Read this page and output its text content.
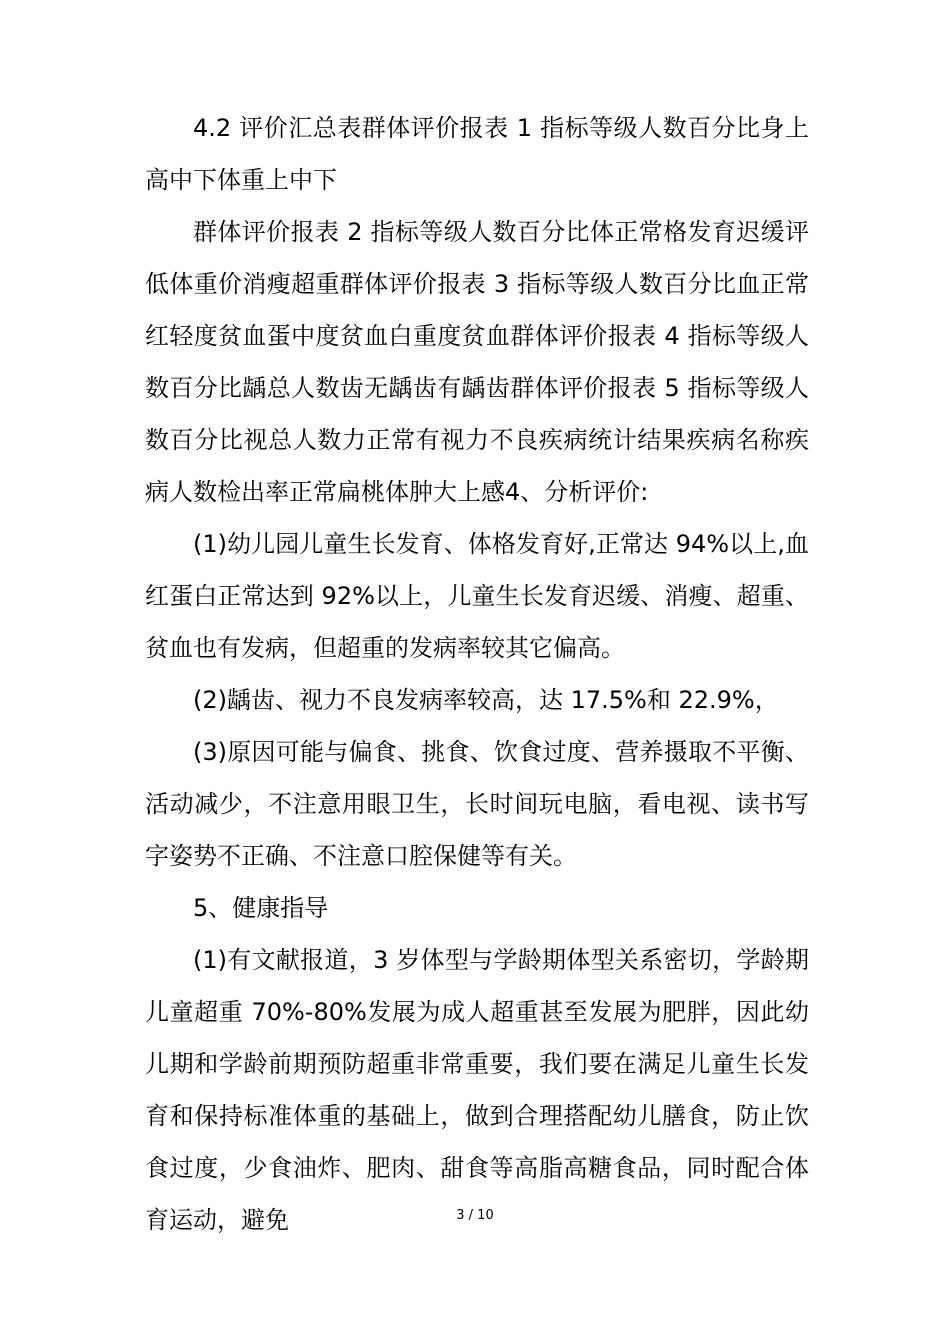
4.2 评价汇总表群体评价报表 1 指标等级人数百分比身上高中下体重上中下

群体评价报表 2 指标等级人数百分比体正常格发育迟缓评低体重价消瘦超重群体评价报表 3 指标等级人数百分比血正常红轻度贫血蛋中度贫血白重度贫血群体评价报表 4 指标等级人数百分比龋总人数齿无龋齿有龋齿群体评价报表 5 指标等级人数百分比视总人数力正常有视力不良疾病统计结果疾病名称疾病人数检出率正常扁桃体肿大上感4、分析评价:

(1)幼儿园儿童生长发育、体格发育好,正常达 94%以上,血红蛋白正常达到 92%以上，儿童生长发育迟缓、消瘦、超重、贫血也有发病，但超重的发病率较其它偏高。

(2)龋齿、视力不良发病率较高，达 17.5%和 22.9%，

(3)原因可能与偏食、挑食、饮食过度、营养摄取不平衡、活动减少，不注意用眼卫生，长时间玩电脑，看电视、读书写字姿势不正确、不注意口腔保健等有关。

5、健康指导

(1)有文献报道，3 岁体型与学龄期体型关系密切，学龄期儿童超重 70%-80%发展为成人超重甚至发展为肥胖，因此幼儿期和学龄前期预防超重非常重要，我们要在满足儿童生长发育和保持标准体重的基础上，做到合理搭配幼儿膳食，防止饮食过度，少食油炸、肥肉、甜食等高脂高糖食品，同时配合体育运动，避免	3 / 10
